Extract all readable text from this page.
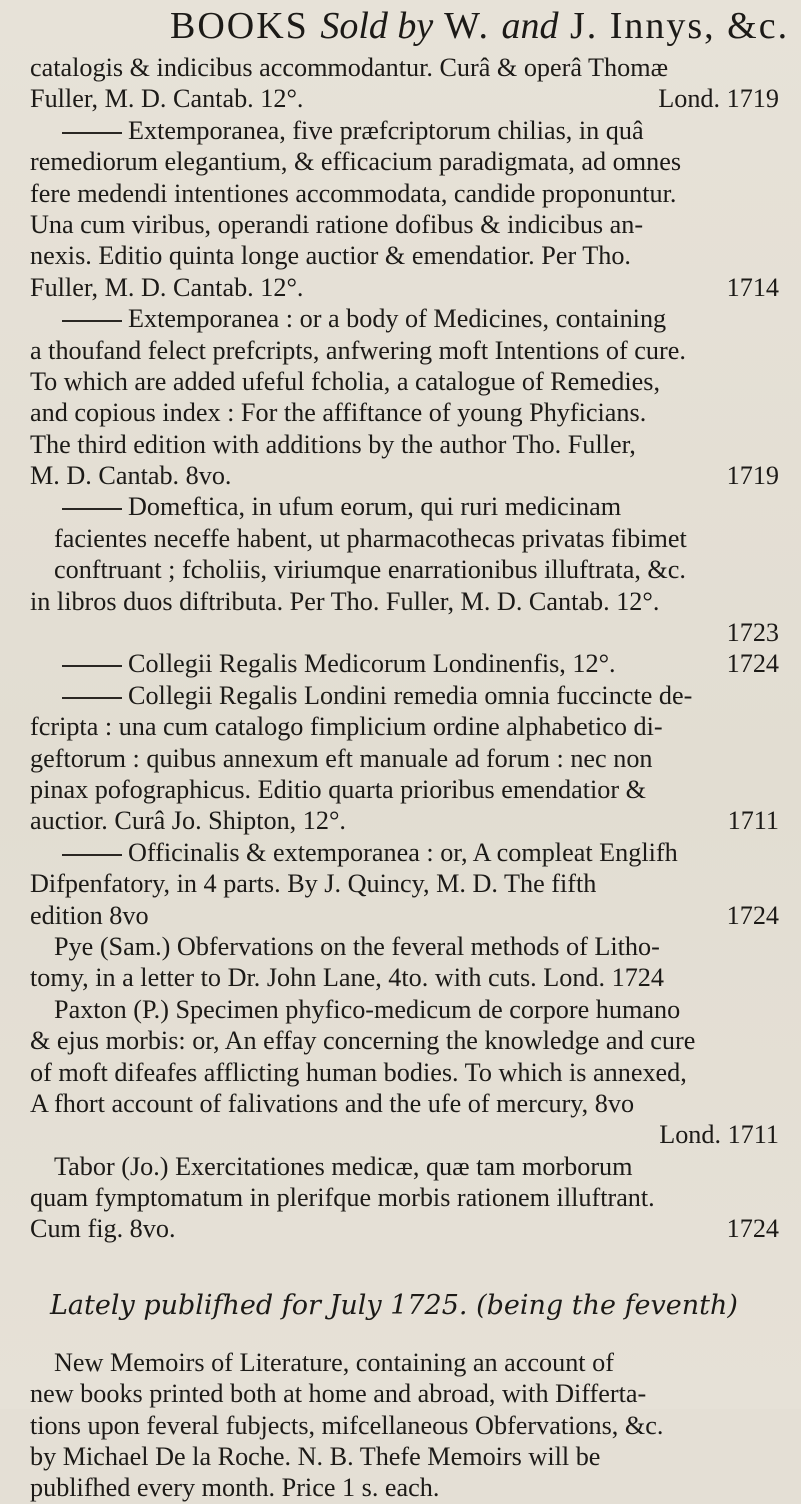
BOOKS Sold by W. and J. Innys, &c.
catalogis & indicibus accommodantur. Curâ & operâ Thomæ
Fuller, M. D. Cantab. 12°.	Lond. 1719
Extemporanea, five præfcriptorum chilias, in quâ
remediorum elegantium, & efficacium paradigmata, ad omnes
fere medendi intentiones accommodata, candide proponuntur.
Una cum viribus, operandi ratione dofibus & indicibus an-
nexis. Editio quinta longe auctior & emendatior. Per Tho.
Fuller, M. D. Cantab. 12°.	1714
Extemporanea : or a body of Medicines, containing
a thoufand felect prefcripts, anfwering moft Intentions of cure.
To which are added ufeful fcholia, a catalogue of Remedies,
and copious index : For the affiftance of young Phyficians.
The third edition with additions by the author Tho. Fuller,
M. D. Cantab. 8vo.	1719
Domeftica, in ufum eorum, qui ruri medicinam
facientes neceffe habent, ut pharmacothecas privatas fibimet
conftruant ; fcholiis, viriumque enarrationibus illuftrata, &c.
in libros duos diftributa. Per Tho. Fuller, M. D. Cantab. 12°.
1723
Collegii Regalis Medicorum Londinenfis, 12°.	1724
Collegii Regalis Londini remedia omnia fuccincte de-
fcripta : una cum catalogo fimplicium ordine alphabetico di-
geftorum : quibus annexum eft manuale ad forum : nec non
pinax pofographicus. Editio quarta prioribus emendatior &
auctior. Curâ Jo. Shipton, 12°.	1711
Officinalis & extemporanea : or, A compleat Englifh
Difpenfatory, in 4 parts. By J. Quincy, M. D. The fifth
edition 8vo	1724
Pye (Sam.) Obfervations on the feveral methods of Litho-
tomy, in a letter to Dr. John Lane, 4to. with cuts. Lond. 1724
Paxton (P.) Specimen phyfico-medicum de corpore humano
& ejus morbis: or, An effay concerning the knowledge and cure
of moft difeafes afflicting human bodies. To which is annexed,
A fhort account of falivations and the ufe of mercury, 8vo
Lond. 1711
Tabor (Jo.) Exercitationes medicæ, quæ tam morborum
quam fymptomatum in plerifque morbis rationem illuftrant.
Cum fig. 8vo.	1724
Lately publifhed for July 1725. (being the feventh)
New Memoirs of Literature, containing an account of
new books printed both at home and abroad, with Differta-
tions upon feveral fubjects, mifcellaneous Obfervations, &c.
by Michael De la Roche. N. B. Thefe Memoirs will be
publifhed every month. Price 1 s. each.
